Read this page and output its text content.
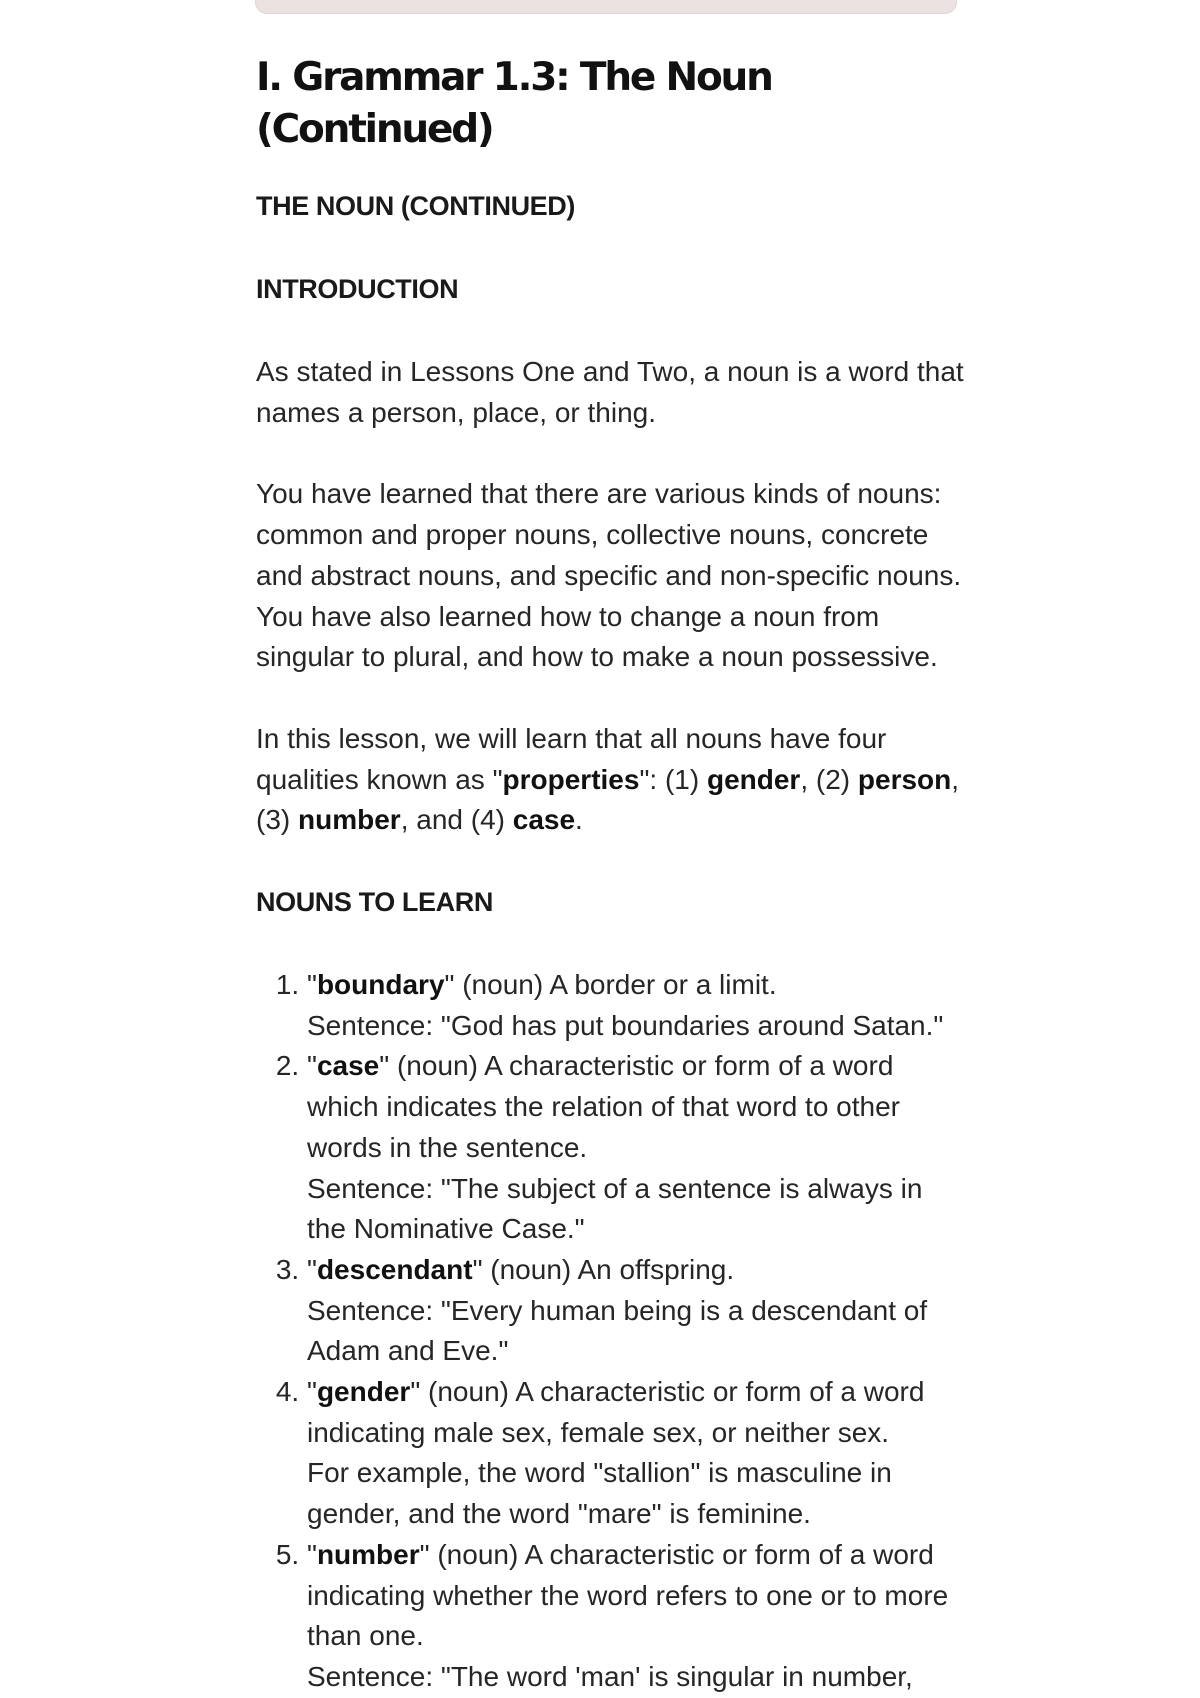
I. Grammar 1.3: The Noun (Continued)
THE NOUN (CONTINUED)
INTRODUCTION

As stated in Lessons One and Two, a noun is a word that names a person, place, or thing.

You have learned that there are various kinds of nouns: common and proper nouns, collective nouns, concrete and abstract nouns, and specific and non-specific nouns. You have also learned how to change a noun from singular to plural, and how to make a noun possessive.

In this lesson, we will learn that all nouns have four qualities known as "properties": (1) gender, (2) person, (3) number, and (4) case.

NOUNS TO LEARN
1. "boundary" (noun) A border or a limit.
Sentence: "God has put boundaries around Satan."
2. "case" (noun) A characteristic or form of a word which indicates the relation of that word to other words in the sentence.
Sentence: "The subject of a sentence is always in the Nominative Case."
3. "descendant" (noun) An offspring.
Sentence: "Every human being is a descendant of Adam and Eve."
4. "gender" (noun) A characteristic or form of a word indicating male sex, female sex, or neither sex.
For example, the word "stallion" is masculine in gender, and the word "mare" is feminine.
5. "number" (noun) A characteristic or form of a word indicating whether the word refers to one or to more than one.
Sentence: "The word 'man' is singular in number,
